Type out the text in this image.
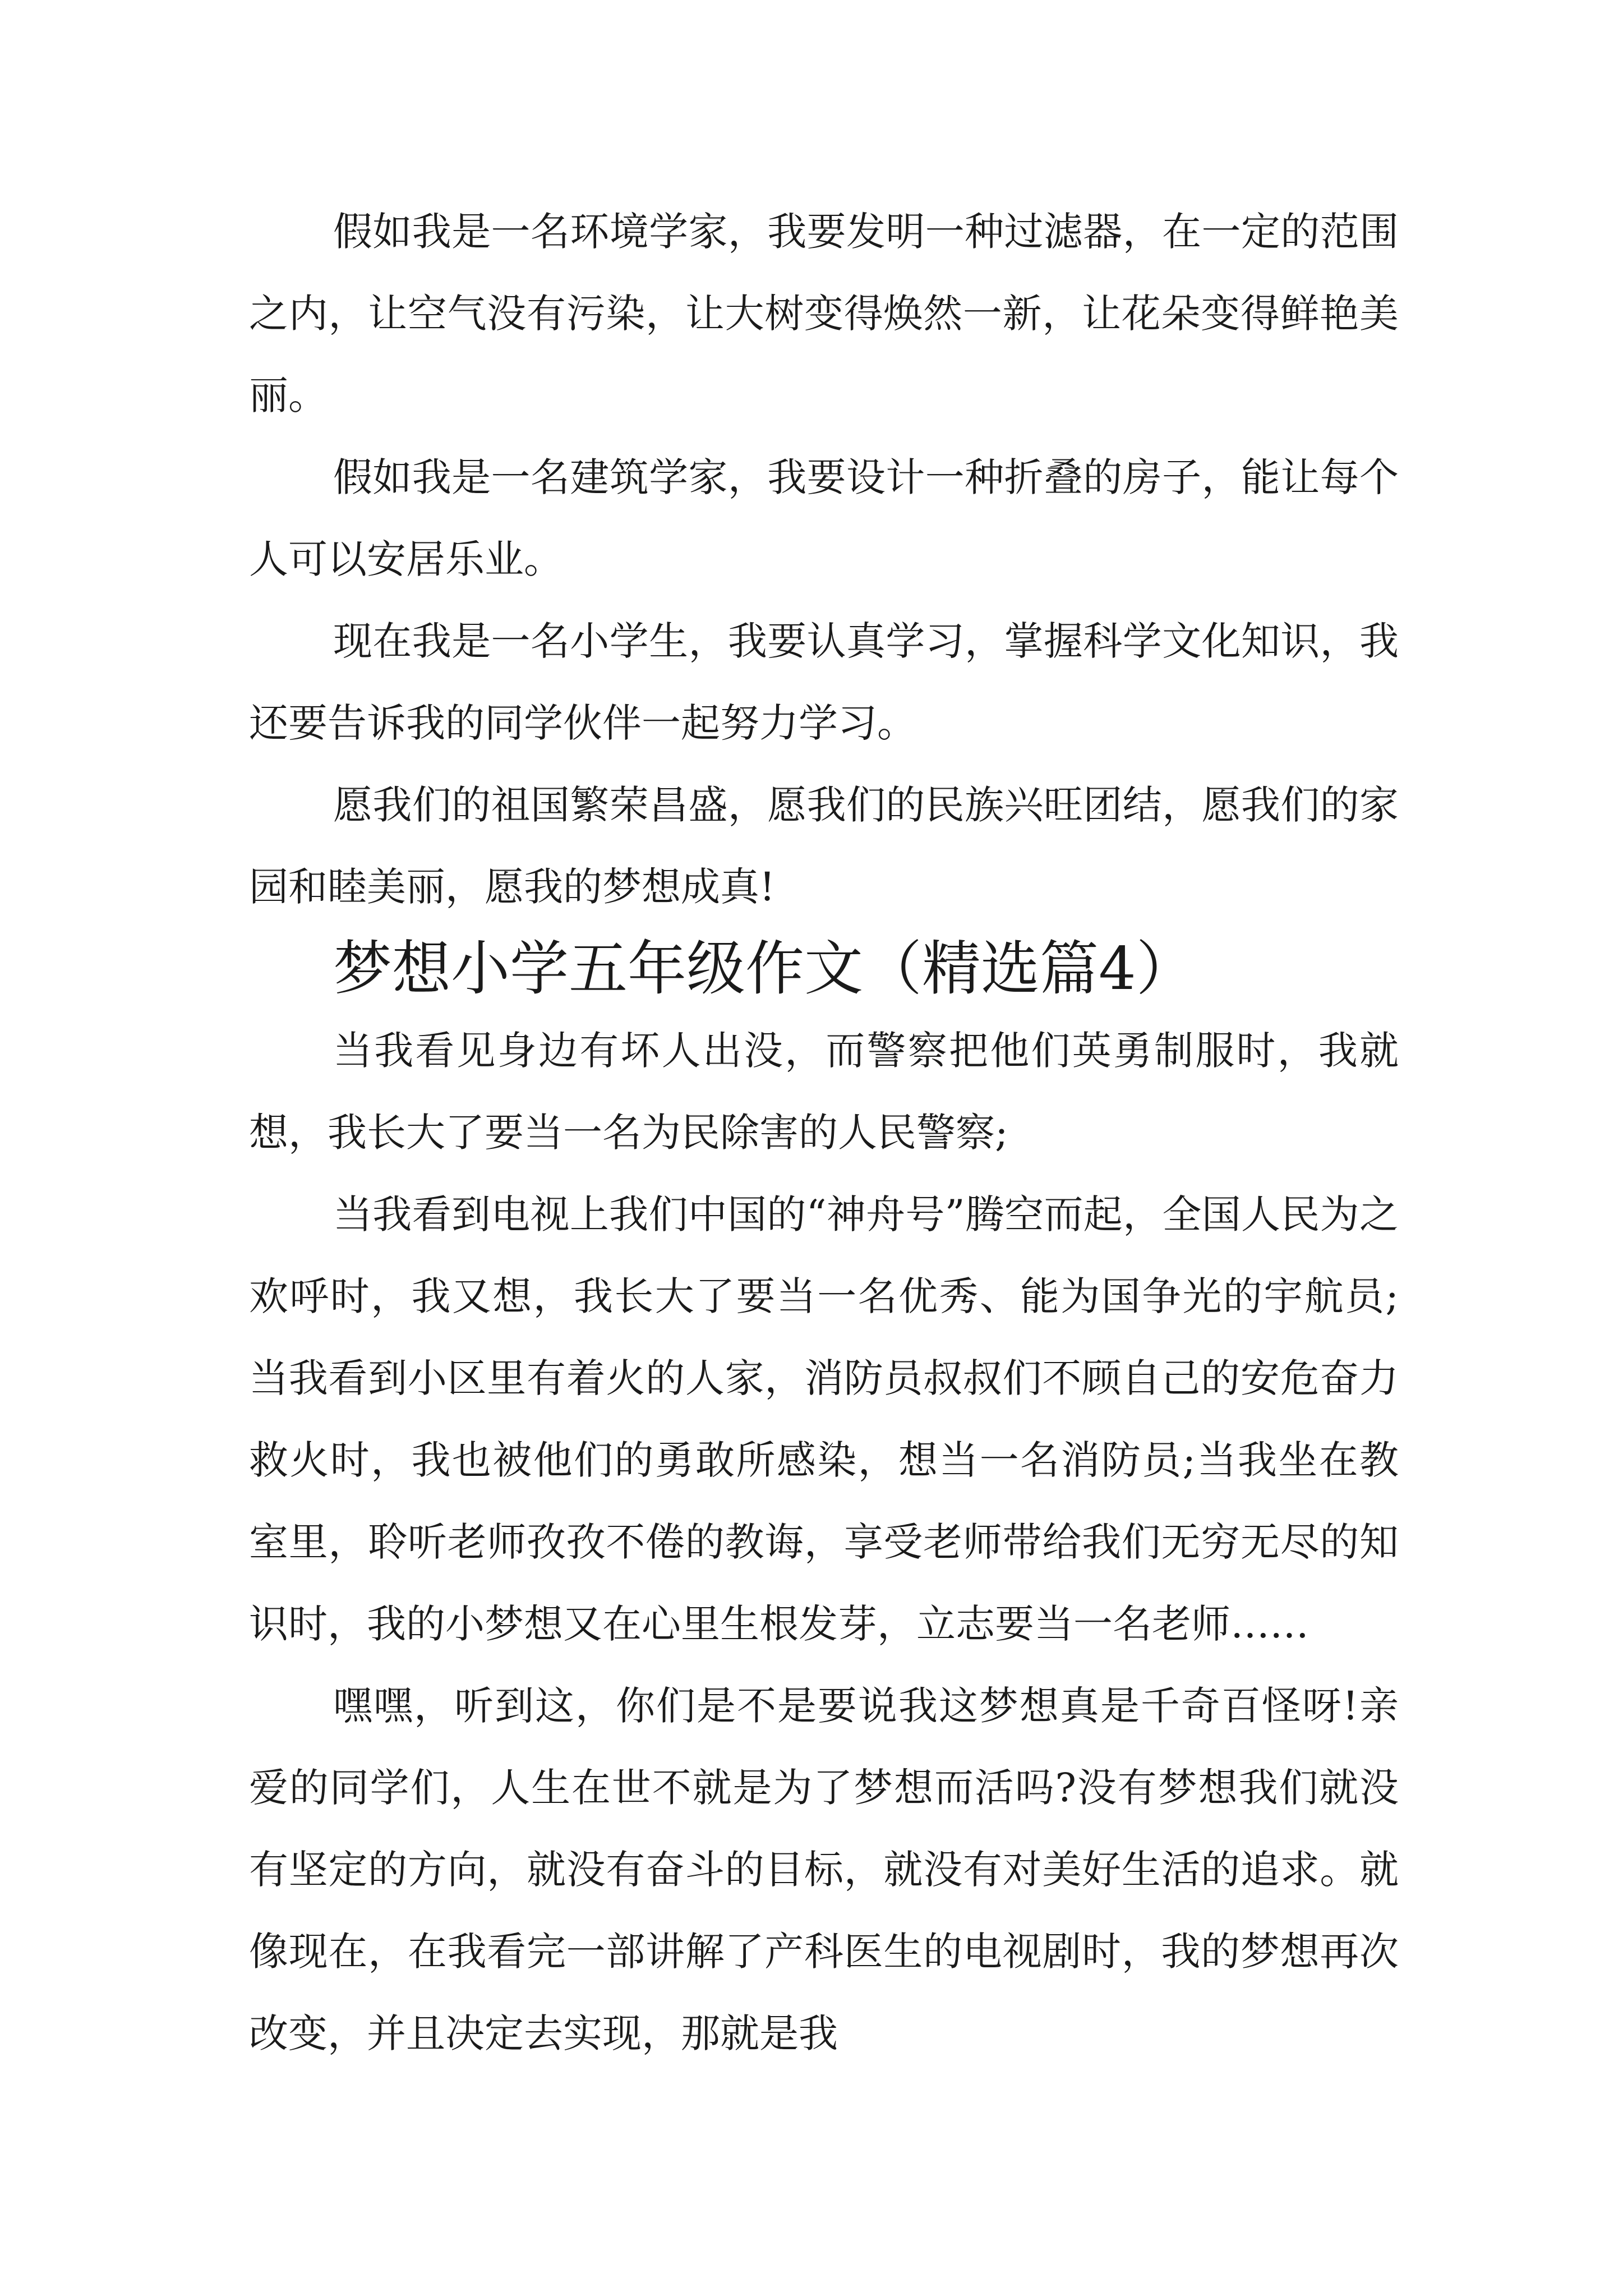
假如我是一名环境学家，我要发明一种过滤器，在一定的范围之内，让空气没有污染，让大树变得焕然一新，让花朵变得鲜艳美丽。

假如我是一名建筑学家，我要设计一种折叠的房子，能让每个人可以安居乐业。

现在我是一名小学生，我要认真学习，掌握科学文化知识，我还要告诉我的同学伙伴一起努力学习。

愿我们的祖国繁荣昌盛，愿我们的民族兴旺团结，愿我们的家园和睦美丽，愿我的梦想成真!

梦想小学五年级作文（精选篇4）

当我看见身边有坏人出没，而警察把他们英勇制服时，我就想，我长大了要当一名为民除害的人民警察;

当我看到电视上我们中国的“神舟号”腾空而起，全国人民为之欢呼时，我又想，我长大了要当一名优秀、能为国争光的宇航员;当我看到小区里有着火的人家，消防员叔叔们不顾自己的安危奋力救火时，我也被他们的勇敢所感染，想当一名消防员;当我坐在教室里，聆听老师孜孜不倦的教诲，享受老师带给我们无穷无尽的知识时，我的小梦想又在心里生根发芽，立志要当一名老师……

嘿嘿，听到这，你们是不是要说我这梦想真是千奇百怪呀!亲爱的同学们，人生在世不就是为了梦想而活吗?没有梦想我们就没有坚定的方向，就没有奋斗的目标，就没有对美好生活的追求。就像现在，在我看完一部讲解了产科医生的电视剧时，我的梦想再次改变，并且决定去实现，那就是我
